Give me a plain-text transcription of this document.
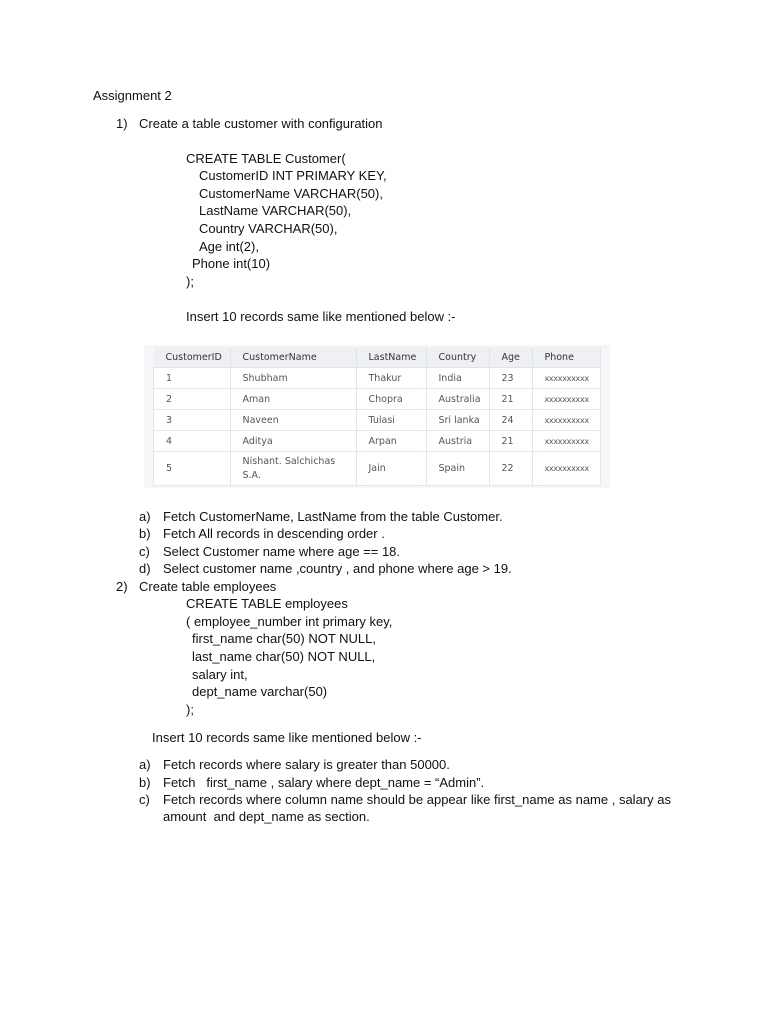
Assignment 2
1) Create a table customer with configuration
CREATE TABLE Customer(
CustomerID INT PRIMARY KEY,
CustomerName VARCHAR(50),
LastName VARCHAR(50),
Country VARCHAR(50),
Age int(2),
Phone int(10)
);
Insert 10 records same like mentioned below :-
CustomerID	CustomerName	LastName	Country	Age	Phone
1	Shubham	Thakur	India	23	xxxxxxxxxx
2	Aman	Chopra	Australia	21	xxxxxxxxxx
3	Naveen	Tulasi	Sri lanka	24	xxxxxxxxxx
4	Aditya	Arpan	Austria	21	xxxxxxxxxx
5	Nishant. Salchichas S.A.	Jain	Spain	22	xxxxxxxxxx
a) Fetch CustomerName, LastName from the table Customer.
b) Fetch All records in descending order .
c) Select Customer name where age == 18.
d) Select customer name ,country , and phone where age > 19.
2) Create table employees
CREATE TABLE employees
( employee_number int primary key,
first_name char(50) NOT NULL,
last_name char(50) NOT NULL,
salary int,
dept_name varchar(50)
);
Insert 10 records same like mentioned below :-
a) Fetch records where salary is greater than 50000.
b) Fetch   first_name , salary where dept_name = “Admin”.
c) Fetch records where column name should be appear like first_name as name , salary as
amount  and dept_name as section.
